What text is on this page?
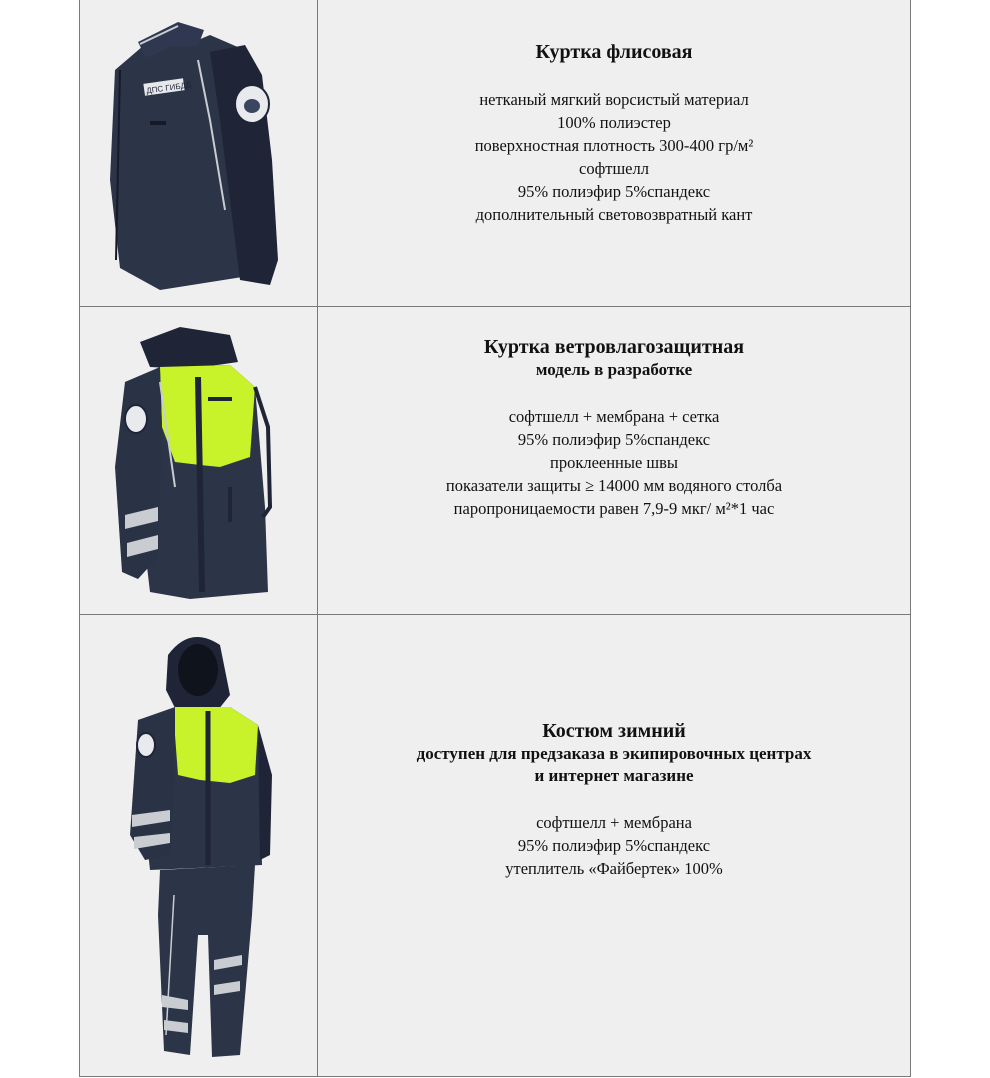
ДПС ГИБДД
Куртка флисовая
нетканый мягкий ворсистый материал
100% полиэстер
поверхностная плотность 300-400 гр/м²
софтшелл
95% полиэфир 5%спандекс
дополнительный световозвратный кант
Куртка ветровлагозащитная
модель в разработке
софтшелл + мембрана + сетка
95% полиэфир 5%спандекс
проклеенные швы
показатели защиты ≥ 14000 мм водяного столба
паропроницаемости равен 7,9-9 мкг/ м²*1 час
Костюм зимний
доступен для предзаказа в экипировочных центрах
и интернет магазине
софтшелл + мембрана
95% полиэфир 5%спандекс
утеплитель «Файбертек» 100%
